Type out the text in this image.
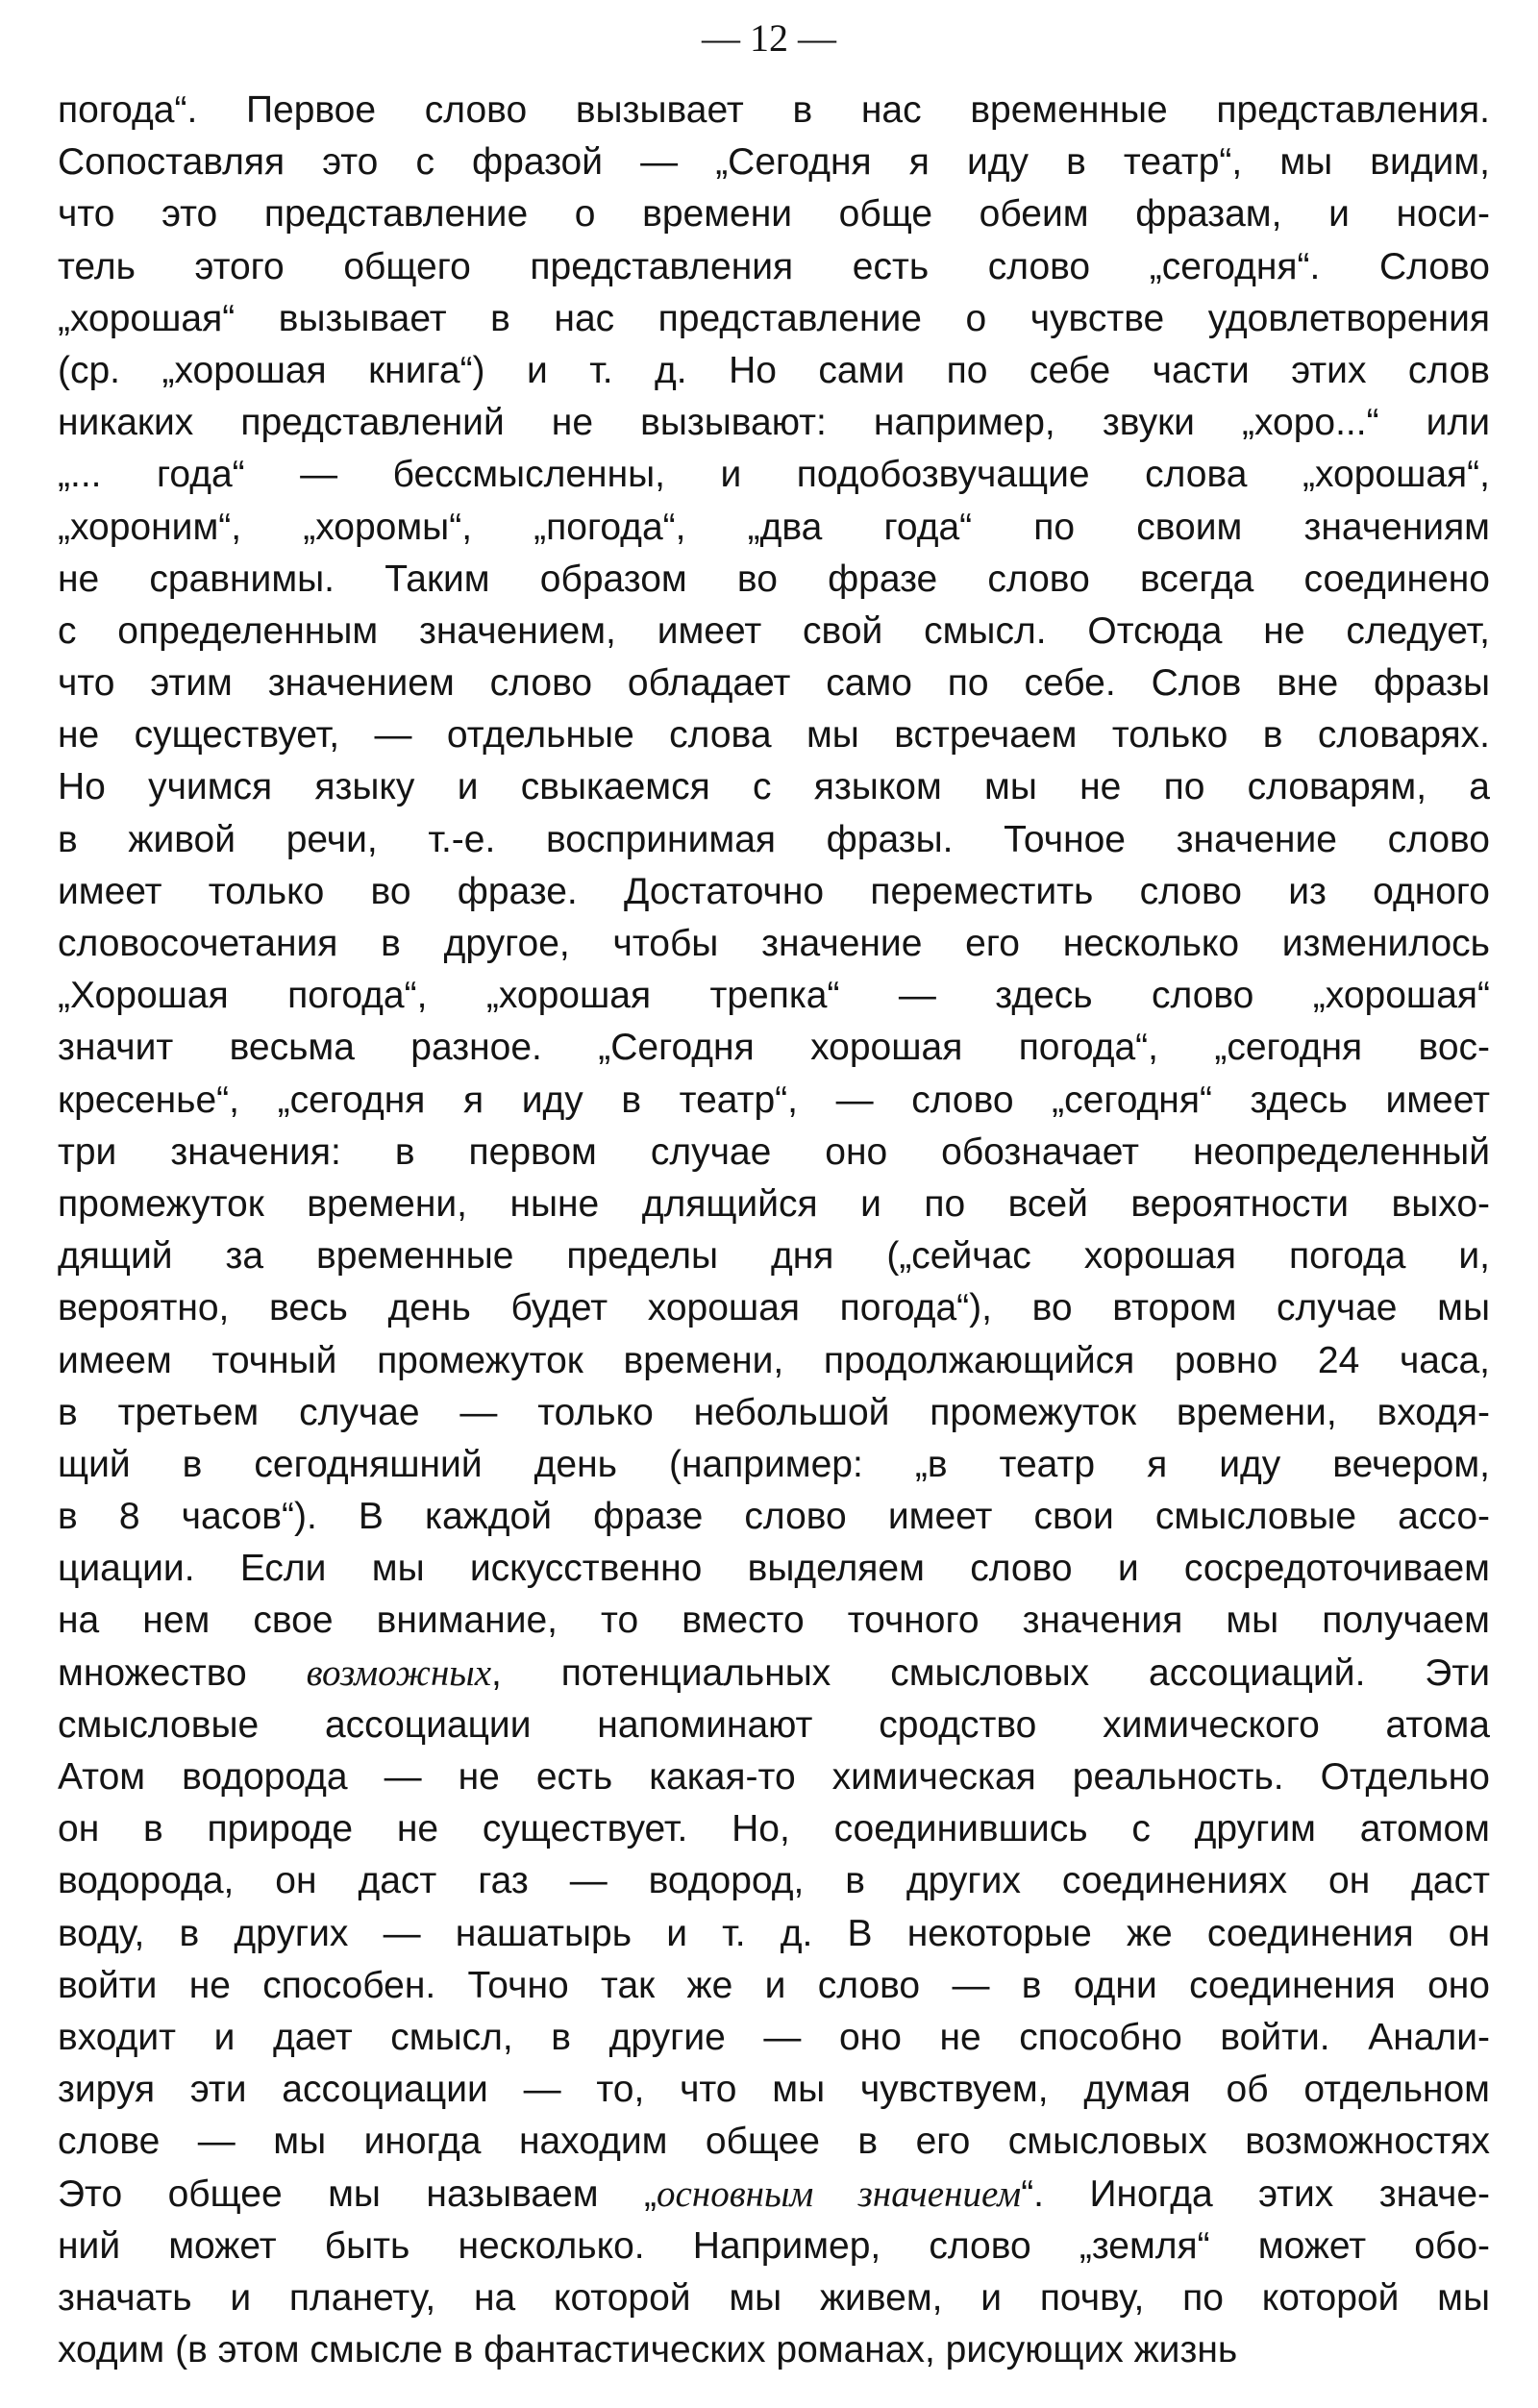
— 12 —
погода“. Первое слово вызывает в нас временные представления.
Сопоставляя это с фразой — „Сегодня я иду в театр“, мы видим,
что это представление о времени обще обеим фразам, и носи-
тель этого общего представления есть слово „сегодня“. Слово
„хорошая“ вызывает в нас представление о чувстве удовлетворения
(ср. „хорошая книга“) и т. д. Но сами по себе части этих слов
никаких представлений не вызывают: например, звуки „хоро...“ или
„... года“ — бессмысленны, и подобозвучащие слова „хорошая“,
„хороним“, „хоромы“, „погода“, „два года“ по своим значениям
не сравнимы. Таким образом во фразе слово всегда соединено
с определенным значением, имеет свой смысл. Отсюда не следует,
что этим значением слово обладает само по себе. Слов вне фразы
не существует, — отдельные слова мы встречаем только в словарях.
Но учимся языку и свыкаемся с языком мы не по словарям, а
в живой речи, т.-е. воспринимая фразы. Точное значение слово
имеет только во фразе. Достаточно переместить слово из одного
словосочетания в другое, чтобы значение его несколько изменилось
„Хорошая погода“, „хорошая трепка“ — здесь слово „хорошая“
значит весьма разное. „Сегодня хорошая погода“, „сегодня вос-
кресенье“, „сегодня я иду в театр“, — слово „сегодня“ здесь имеет
три значения: в первом случае оно обозначает неопределенный
промежуток времени, ныне длящийся и по всей вероятности выхо-
дящий за временные пределы дня („сейчас хорошая погода и,
вероятно, весь день будет хорошая погода“), во втором случае мы
имеем точный промежуток времени, продолжающийся ровно 24 часа,
в третьем случае — только небольшой промежуток времени, входя-
щий в сегодняшний день (например: „в театр я иду вечером,
в 8 часов“). В каждой фразе слово имеет свои смысловые ассо-
циации. Если мы искусственно выделяем слово и сосредоточиваем
на нем свое внимание, то вместо точного значения мы получаем
множество возможных, потенциальных смысловых ассоциаций. Эти
смысловые ассоциации напоминают сродство химического атома
Атом водорода — не есть какая-то химическая реальность. Отдельно
он в природе не существует. Но, соединившись с другим атомом
водорода, он даст газ — водород, в других соединениях он даст
воду, в других — нашатырь и т. д. В некоторые же соединения он
войти не способен. Точно так же и слово — в одни соединения оно
входит и дает смысл, в другие — оно не способно войти. Анали-
зируя эти ассоциации — то, что мы чувствуем, думая об отдельном
слове — мы иногда находим общее в его смысловых возможностях
Это общее мы называем „основным значением“. Иногда этих значе-
ний может быть несколько. Например, слово „земля“ может обо-
значать и планету, на которой мы живем, и почву, по которой мы
ходим (в этом смысле в фантастических романах, рисующих жизнь
